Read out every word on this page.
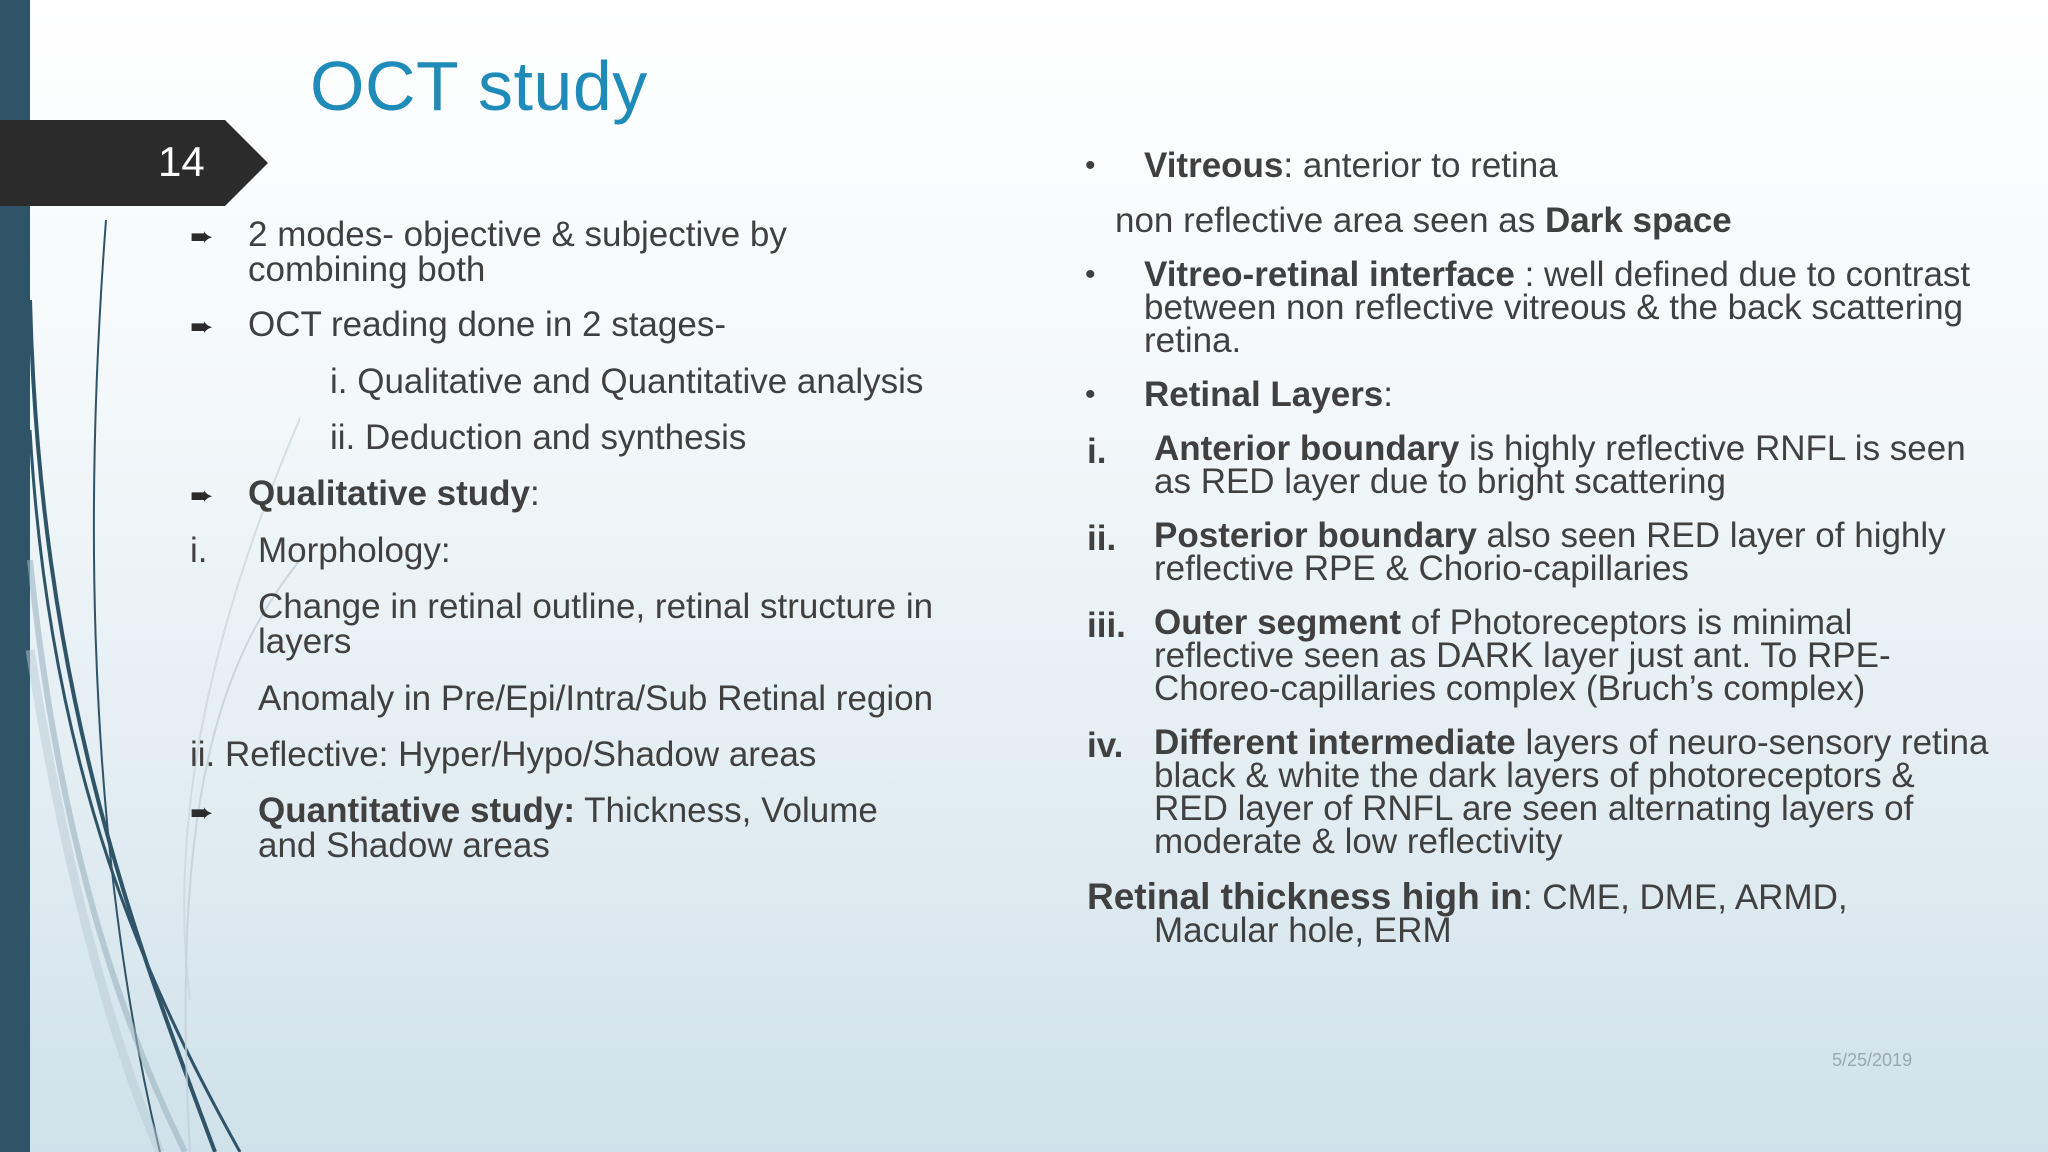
OCT study
14
➨ 2 modes- objective & subjective by
combining both
➨ OCT reading done in 2 stages-
i. Qualitative and Quantitative analysis
ii. Deduction and synthesis
➨ Qualitative study:
i. Morphology:
Change in retinal outline, retinal structure in
layers
Anomaly in Pre/Epi/Intra/Sub Retinal region
ii. Reflective: Hyper/Hypo/Shadow areas
➨ Quantitative study: Thickness, Volume
and Shadow areas
• Vitreous: anterior to retina
non reflective area seen as Dark space
• Vitreo-retinal interface : well defined due to contrast
between non reflective vitreous & the back scattering
retina.
• Retinal Layers:
i. Anterior boundary is highly reflective RNFL is seen
as RED layer due to bright scattering
ii. Posterior boundary also seen RED layer of highly
reflective RPE & Chorio-capillaries
iii. Outer segment of Photoreceptors is minimal
reflective seen as DARK layer just ant. To RPE-
Choreo-capillaries complex (Bruch’s complex)
iv. Different intermediate layers of neuro-sensory retina
black & white the dark layers of photoreceptors &
RED layer of RNFL are seen alternating layers of
moderate & low reflectivity
Retinal thickness high in: CME, DME, ARMD,
Macular hole, ERM
5/25/2019
